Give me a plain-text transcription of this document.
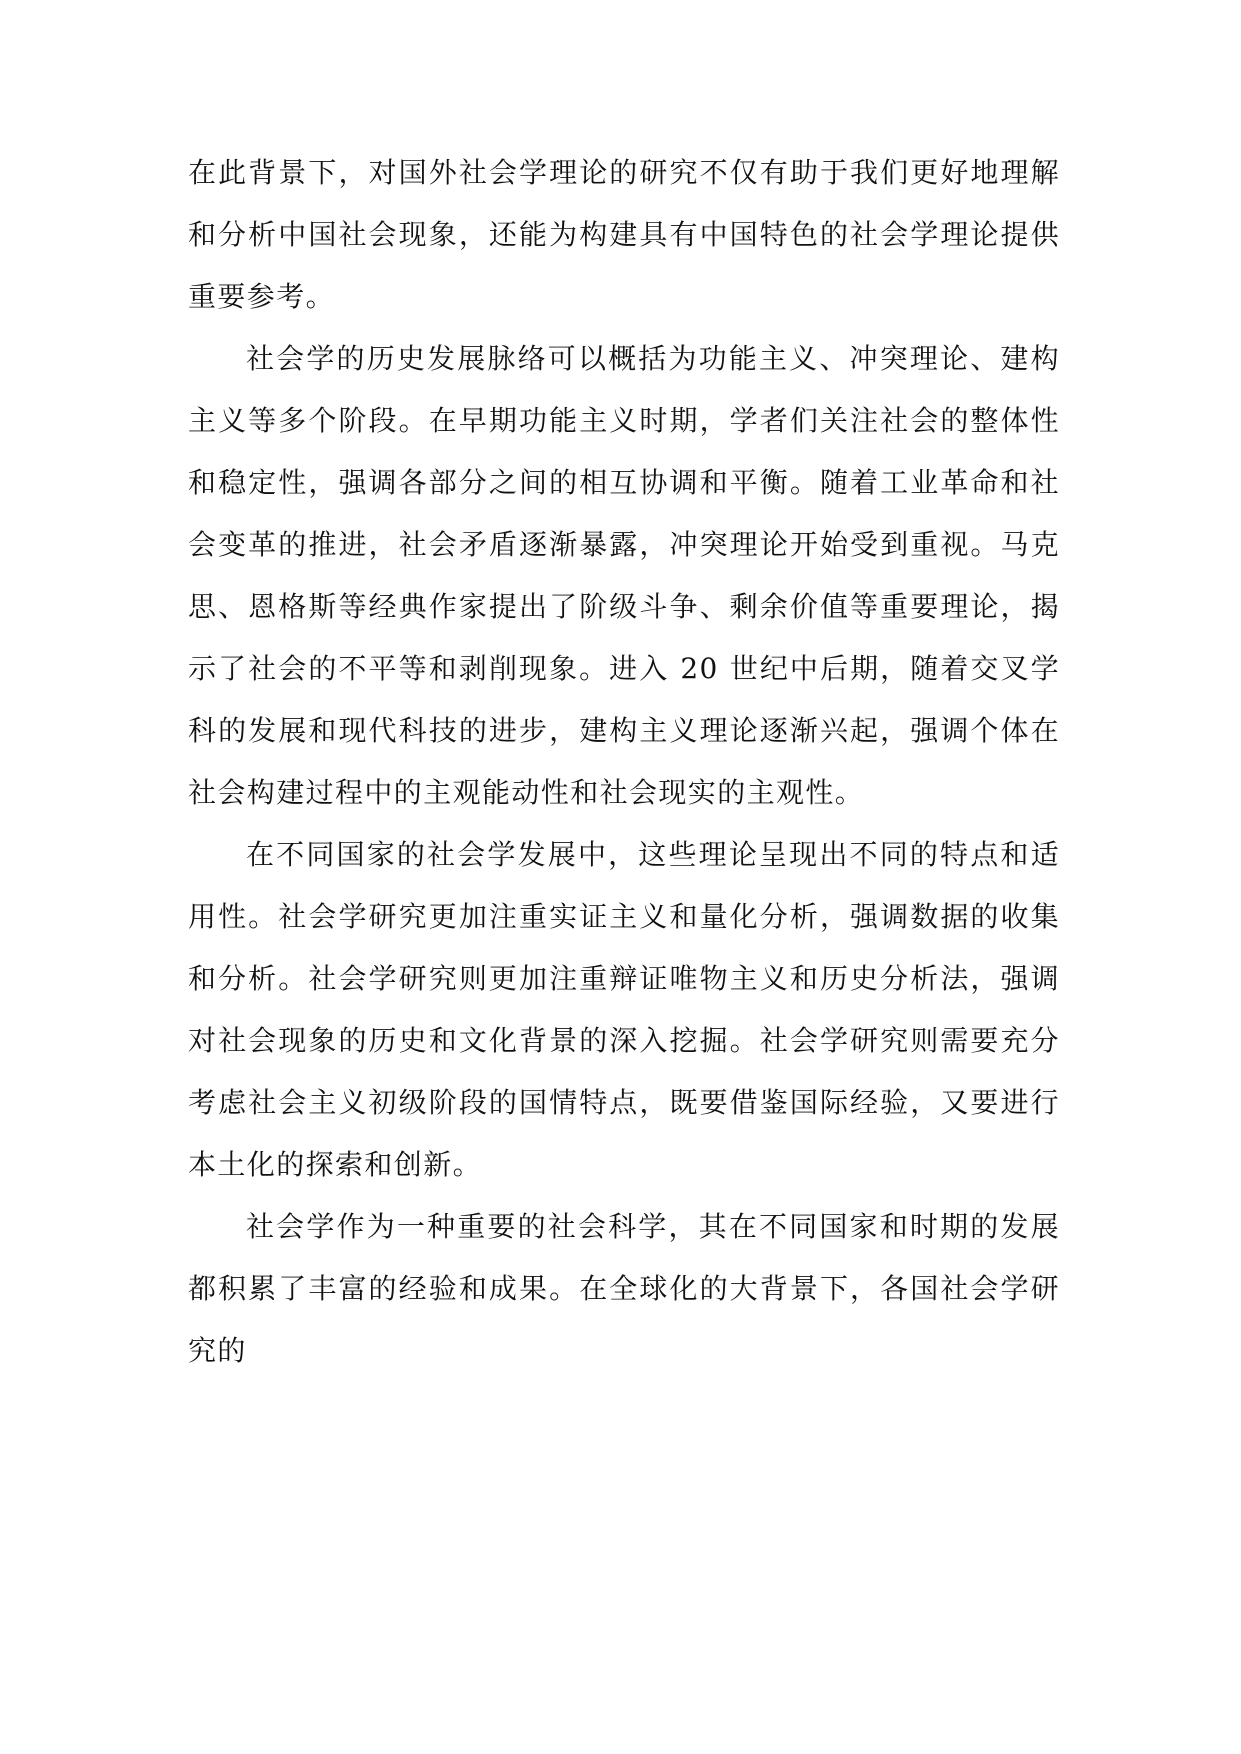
在此背景下，对国外社会学理论的研究不仅有助于我们更好地理解和分析中国社会现象，还能为构建具有中国特色的社会学理论提供重要参考。

社会学的历史发展脉络可以概括为功能主义、冲突理论、建构主义等多个阶段。在早期功能主义时期，学者们关注社会的整体性和稳定性，强调各部分之间的相互协调和平衡。随着工业革命和社会变革的推进，社会矛盾逐渐暴露，冲突理论开始受到重视。马克思、恩格斯等经典作家提出了阶级斗争、剩余价值等重要理论，揭示了社会的不平等和剥削现象。进入 20 世纪中后期，随着交叉学科的发展和现代科技的进步，建构主义理论逐渐兴起，强调个体在社会构建过程中的主观能动性和社会现实的主观性。

在不同国家的社会学发展中，这些理论呈现出不同的特点和适用性。社会学研究更加注重实证主义和量化分析，强调数据的收集和分析。社会学研究则更加注重辩证唯物主义和历史分析法，强调对社会现象的历史和文化背景的深入挖掘。社会学研究则需要充分考虑社会主义初级阶段的国情特点，既要借鉴国际经验，又要进行本土化的探索和创新。

社会学作为一种重要的社会科学，其在不同国家和时期的发展都积累了丰富的经验和成果。在全球化的大背景下，各国社会学研究的
